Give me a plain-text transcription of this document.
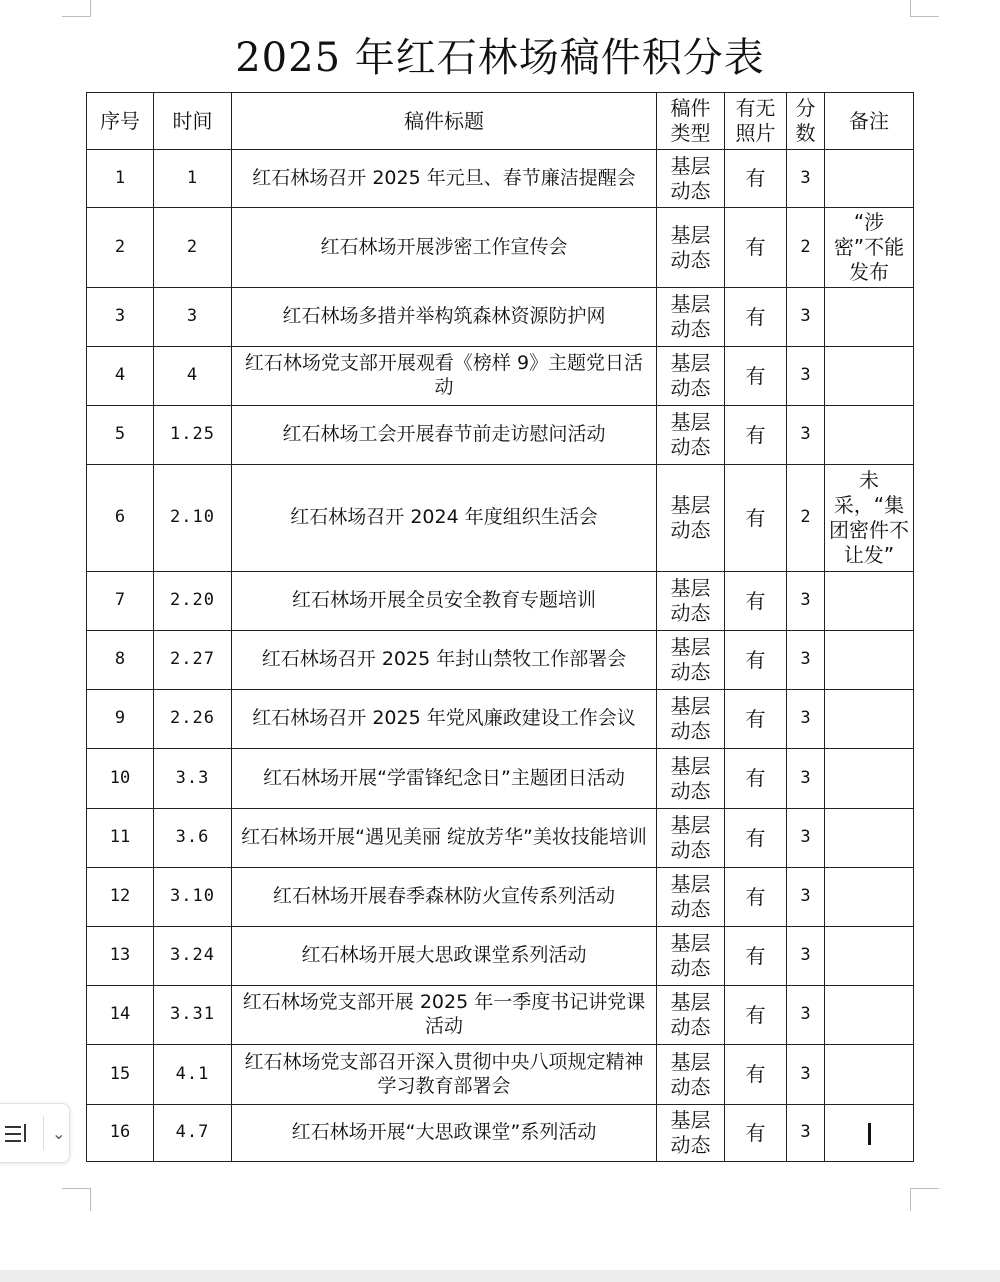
2025 年红石林场稿件积分表
序号	时间	稿件标题	稿件类型	有无照片	分数	备注
1	1	红石林场召开 2025 年元旦、春节廉洁提醒会	基层动态	有	3	
2	2	红石林场开展涉密工作宣传会	基层动态	有	2	“涉密”不能发布
3	3	红石林场多措并举构筑森林资源防护网	基层动态	有	3	
4	4	红石林场党支部开展观看《榜样 9》主题党日活动	基层动态	有	3	
5	1.25	红石林场工会开展春节前走访慰问活动	基层动态	有	3	
6	2.10	红石林场召开 2024 年度组织生活会	基层动态	有	2	未采，“集团密件不让发”
7	2.20	红石林场开展全员安全教育专题培训	基层动态	有	3	
8	2.27	红石林场召开 2025 年封山禁牧工作部署会	基层动态	有	3	
9	2.26	红石林场召开 2025 年党风廉政建设工作会议	基层动态	有	3	
10	3.3	红石林场开展“学雷锋纪念日”主题团日活动	基层动态	有	3	
11	3.6	红石林场开展“遇见美丽 绽放芳华”美妆技能培训	基层动态	有	3	
12	3.10	红石林场开展春季森林防火宣传系列活动	基层动态	有	3	
13	3.24	红石林场开展大思政课堂系列活动	基层动态	有	3	
14	3.31	红石林场党支部开展 2025 年一季度书记讲党课活动	基层动态	有	3	
15	4.1	红石林场党支部召开深入贯彻中央八项规定精神学习教育部署会	基层动态	有	3	
16	4.7	红石林场开展“大思政课堂”系列活动	基层动态	有	3	
⌄
